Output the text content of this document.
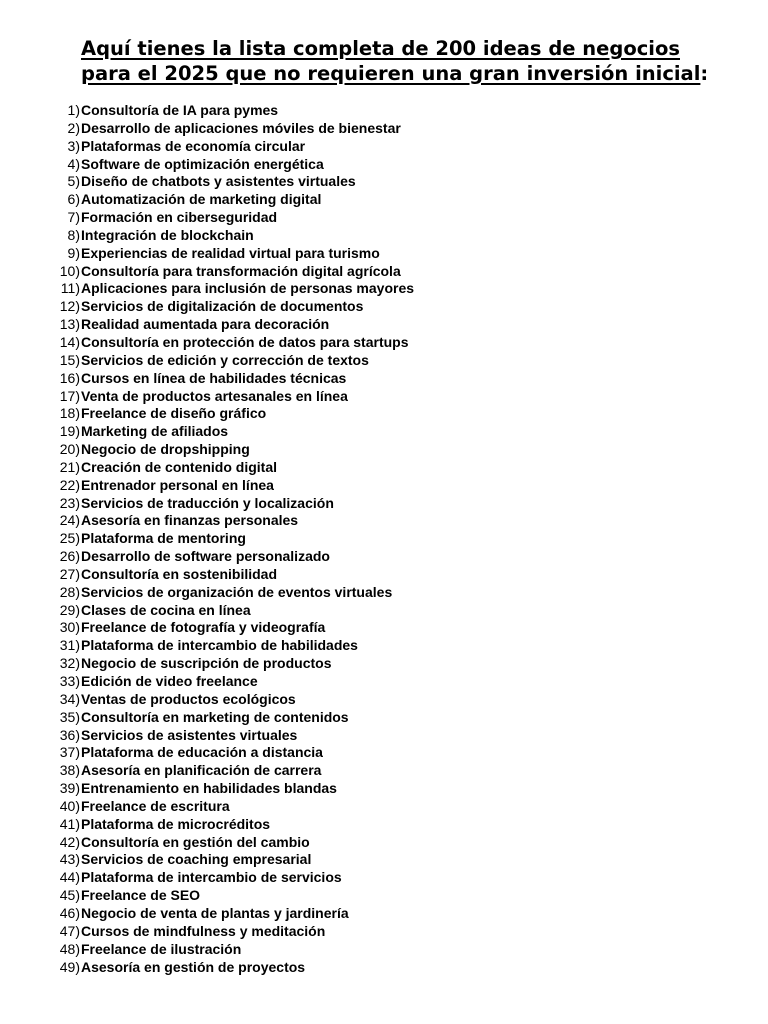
Aquí tienes la lista completa de 200 ideas de negocios
para el 2025 que no requieren una gran inversión inicial:
1) Consultoría de IA para pymes
2) Desarrollo de aplicaciones móviles de bienestar
3) Plataformas de economía circular
4) Software de optimización energética
5) Diseño de chatbots y asistentes virtuales
6) Automatización de marketing digital
7) Formación en ciberseguridad
8) Integración de blockchain
9) Experiencias de realidad virtual para turismo
10) Consultoría para transformación digital agrícola
11) Aplicaciones para inclusión de personas mayores
12) Servicios de digitalización de documentos
13) Realidad aumentada para decoración
14) Consultoría en protección de datos para startups
15) Servicios de edición y corrección de textos
16) Cursos en línea de habilidades técnicas
17) Venta de productos artesanales en línea
18) Freelance de diseño gráfico
19) Marketing de afiliados
20) Negocio de dropshipping
21) Creación de contenido digital
22) Entrenador personal en línea
23) Servicios de traducción y localización
24) Asesoría en finanzas personales
25) Plataforma de mentoring
26) Desarrollo de software personalizado
27) Consultoría en sostenibilidad
28) Servicios de organización de eventos virtuales
29) Clases de cocina en línea
30) Freelance de fotografía y videografía
31) Plataforma de intercambio de habilidades
32) Negocio de suscripción de productos
33) Edición de video freelance
34) Ventas de productos ecológicos
35) Consultoría en marketing de contenidos
36) Servicios de asistentes virtuales
37) Plataforma de educación a distancia
38) Asesoría en planificación de carrera
39) Entrenamiento en habilidades blandas
40) Freelance de escritura
41) Plataforma de microcréditos
42) Consultoría en gestión del cambio
43) Servicios de coaching empresarial
44) Plataforma de intercambio de servicios
45) Freelance de SEO
46) Negocio de venta de plantas y jardinería
47) Cursos de mindfulness y meditación
48) Freelance de ilustración
49) Asesoría en gestión de proyectos
